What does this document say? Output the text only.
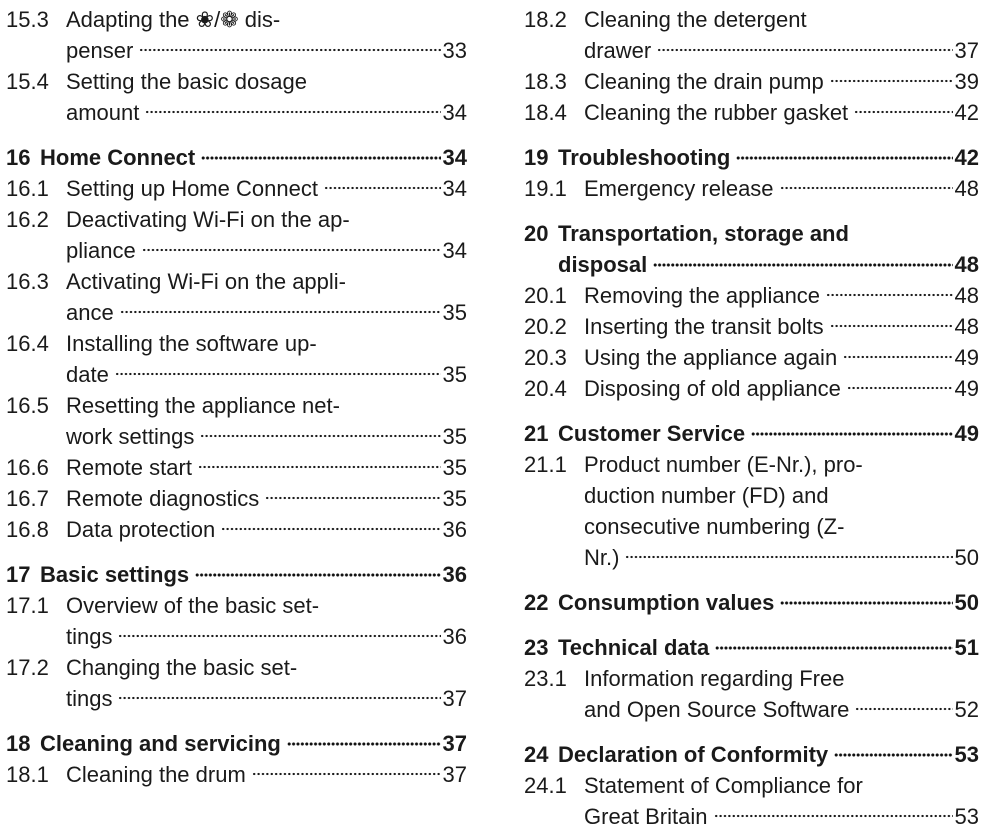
15.3 Adapting the ❀/❁ dis-
penser	33
15.4 Setting the basic dosage
amount	34
16 Home Connect	34
16.1 Setting up Home Connect	34
16.2 Deactivating Wi-Fi on the ap-
pliance	34
16.3 Activating Wi-Fi on the appli-
ance	35
16.4 Installing the software up-
date	35
16.5 Resetting the appliance net-
work settings	35
16.6 Remote start	35
16.7 Remote diagnostics	35
16.8 Data protection	36
17 Basic settings	36
17.1 Overview of the basic set-
tings	36
17.2 Changing the basic set-
tings	37
18 Cleaning and servicing	37
18.1 Cleaning the drum	37
18.2 Cleaning the detergent
drawer	37
18.3 Cleaning the drain pump	39
18.4 Cleaning the rubber gasket	42
19 Troubleshooting	42
19.1 Emergency release	48
20 Transportation, storage and
disposal	48
20.1 Removing the appliance	48
20.2 Inserting the transit bolts	48
20.3 Using the appliance again	49
20.4 Disposing of old appliance	49
21 Customer Service	49
21.1 Product number (E-Nr.), pro-
duction number (FD) and
consecutive numbering (Z-
Nr.)	50
22 Consumption values	50
23 Technical data	51
23.1 Information regarding Free
and Open Source Software	52
24 Declaration of Conformity	53
24.1 Statement of Compliance for
Great Britain	53
